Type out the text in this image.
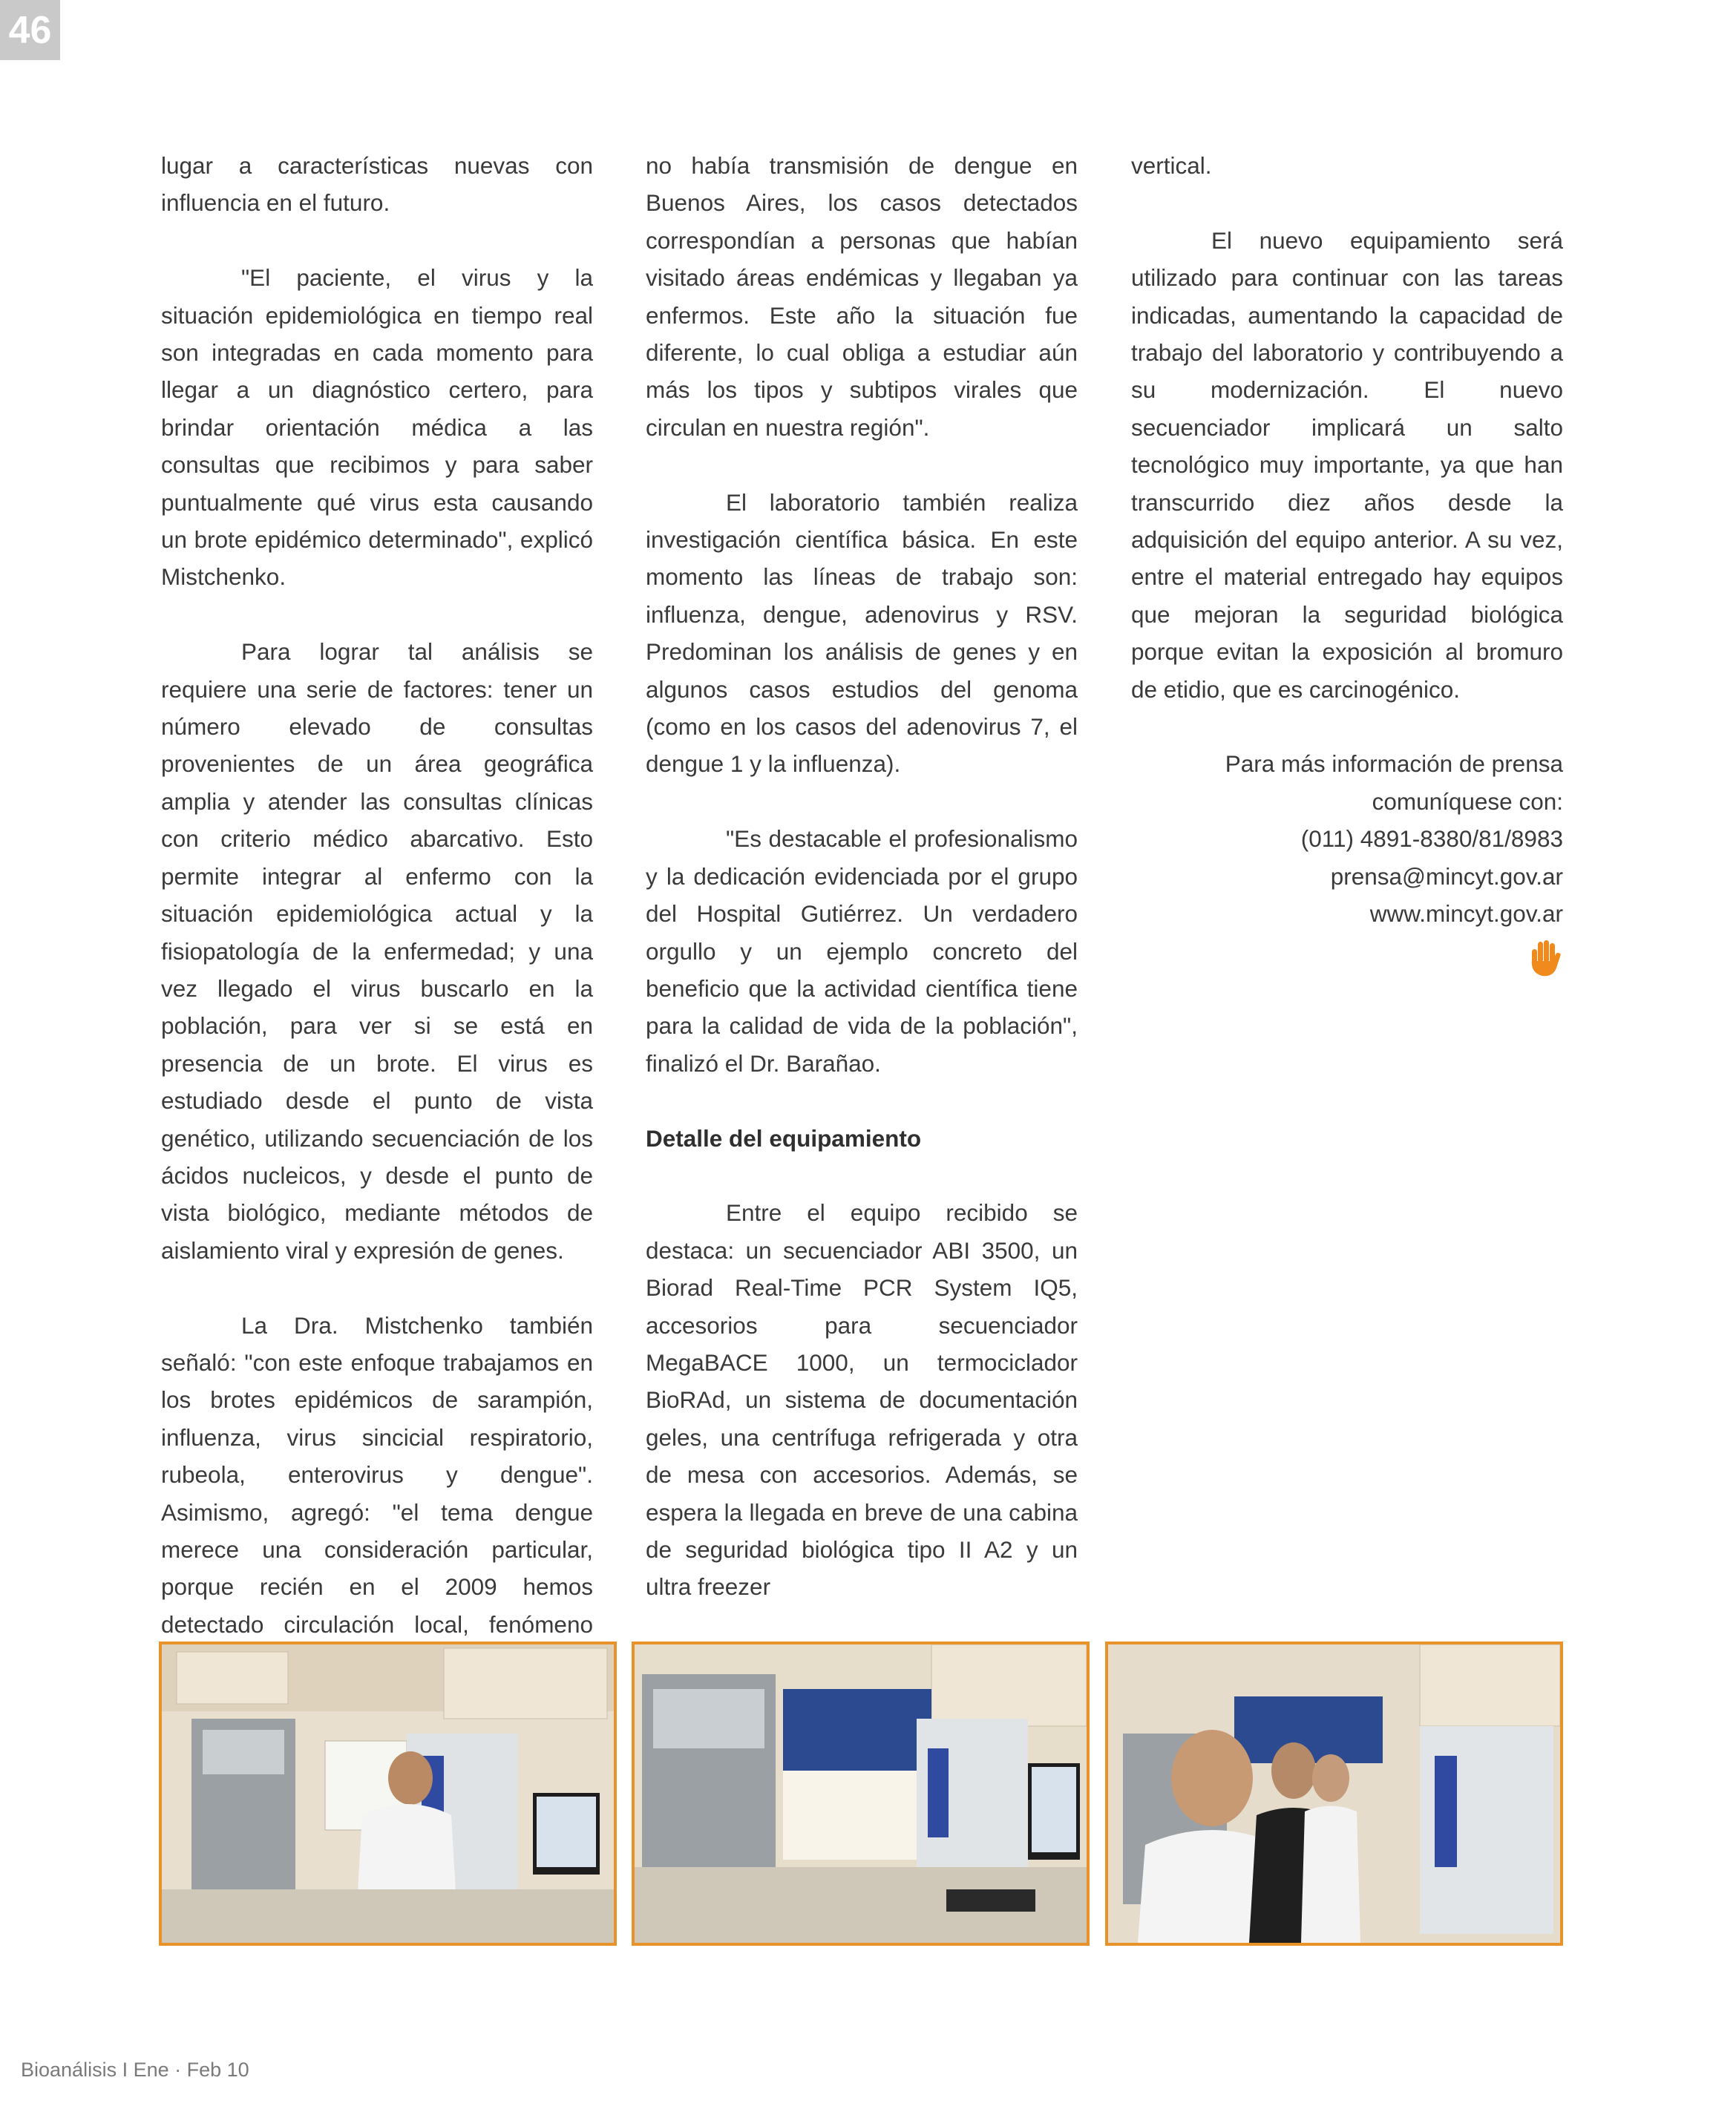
46

lugar a características nuevas con influencia en el futuro.

"El paciente, el virus y la situación epidemiológica en tiempo real son integradas en cada momento para llegar a un diagnóstico certero, para brindar orientación médica a las consultas que recibimos y para saber puntualmente qué virus esta causando un brote epidémico determinado", explicó Mistchenko.

Para lograr tal análisis se requiere una serie de factores: tener un número elevado de consultas provenientes de un área geográfica amplia y atender las consultas clínicas con criterio médico abarcativo. Esto permite integrar al enfermo con la situación epidemiológica actual y la fisiopatología de la enfermedad; y una vez llegado el virus buscarlo en la población, para ver si se está en presencia de un brote. El virus es estudiado desde el punto de vista genético, utilizando secuenciación de los ácidos nucleicos, y desde el punto de vista biológico, mediante métodos de aislamiento viral y expresión de genes.

La Dra. Mistchenko también señaló: "con este enfoque trabajamos en los brotes epidémicos de sarampión, influenza, virus sincicial respiratorio, rubeola, enterovirus y dengue". Asimismo, agregó: "el tema dengue merece una consideración particular, porque recién en el 2009 hemos detectado circulación local, fenómeno

no había transmisión de dengue en Buenos Aires, los casos detectados correspondían a personas que habían visitado áreas endémicas y llegaban ya enfermos. Este año la situación fue diferente, lo cual obliga a estudiar aún más los tipos y subtipos virales que circulan en nuestra región".

El laboratorio también realiza investigación científica básica. En este momento las líneas de trabajo son: influenza, dengue, adenovirus y RSV. Predominan los análisis de genes y en algunos casos estudios del genoma (como en los casos del adenovirus 7, el dengue 1 y la influenza).

"Es destacable el profesionalismo y la dedicación evidenciada por el grupo del Hospital Gutiérrez. Un verdadero orgullo y un ejemplo concreto del beneficio que la actividad científica tiene para la calidad de vida de la población", finalizó el Dr. Barañao.

Detalle del equipamiento

Entre el equipo recibido se destaca: un secuenciador ABI 3500, un Biorad Real-Time PCR System IQ5, accesorios para secuenciador MegaBACE 1000, un termociclador BioRAd, un sistema de documentación geles, una centrífuga refrigerada y otra de mesa con accesorios. Además, se espera la llegada en breve de una cabina de seguridad biológica tipo II A2 y un ultra freezer

vertical.

El nuevo equipamiento será utilizado para continuar con las tareas indicadas, aumentando la capacidad de trabajo del laboratorio y contribuyendo a su modernización. El nuevo secuenciador implicará un salto tecnológico muy importante, ya que han transcurrido diez años desde la adquisición del equipo anterior. A su vez, entre el material entregado hay equipos que mejoran la seguridad biológica porque evitan la exposición al bromuro de etidio, que es carcinogénico.

Para más información de prensa
comuníquese con:
(011) 4891-8380/81/8983
prensa@mincyt.gov.ar
www.mincyt.gov.ar
Bioanálisis I Ene · Feb 10
